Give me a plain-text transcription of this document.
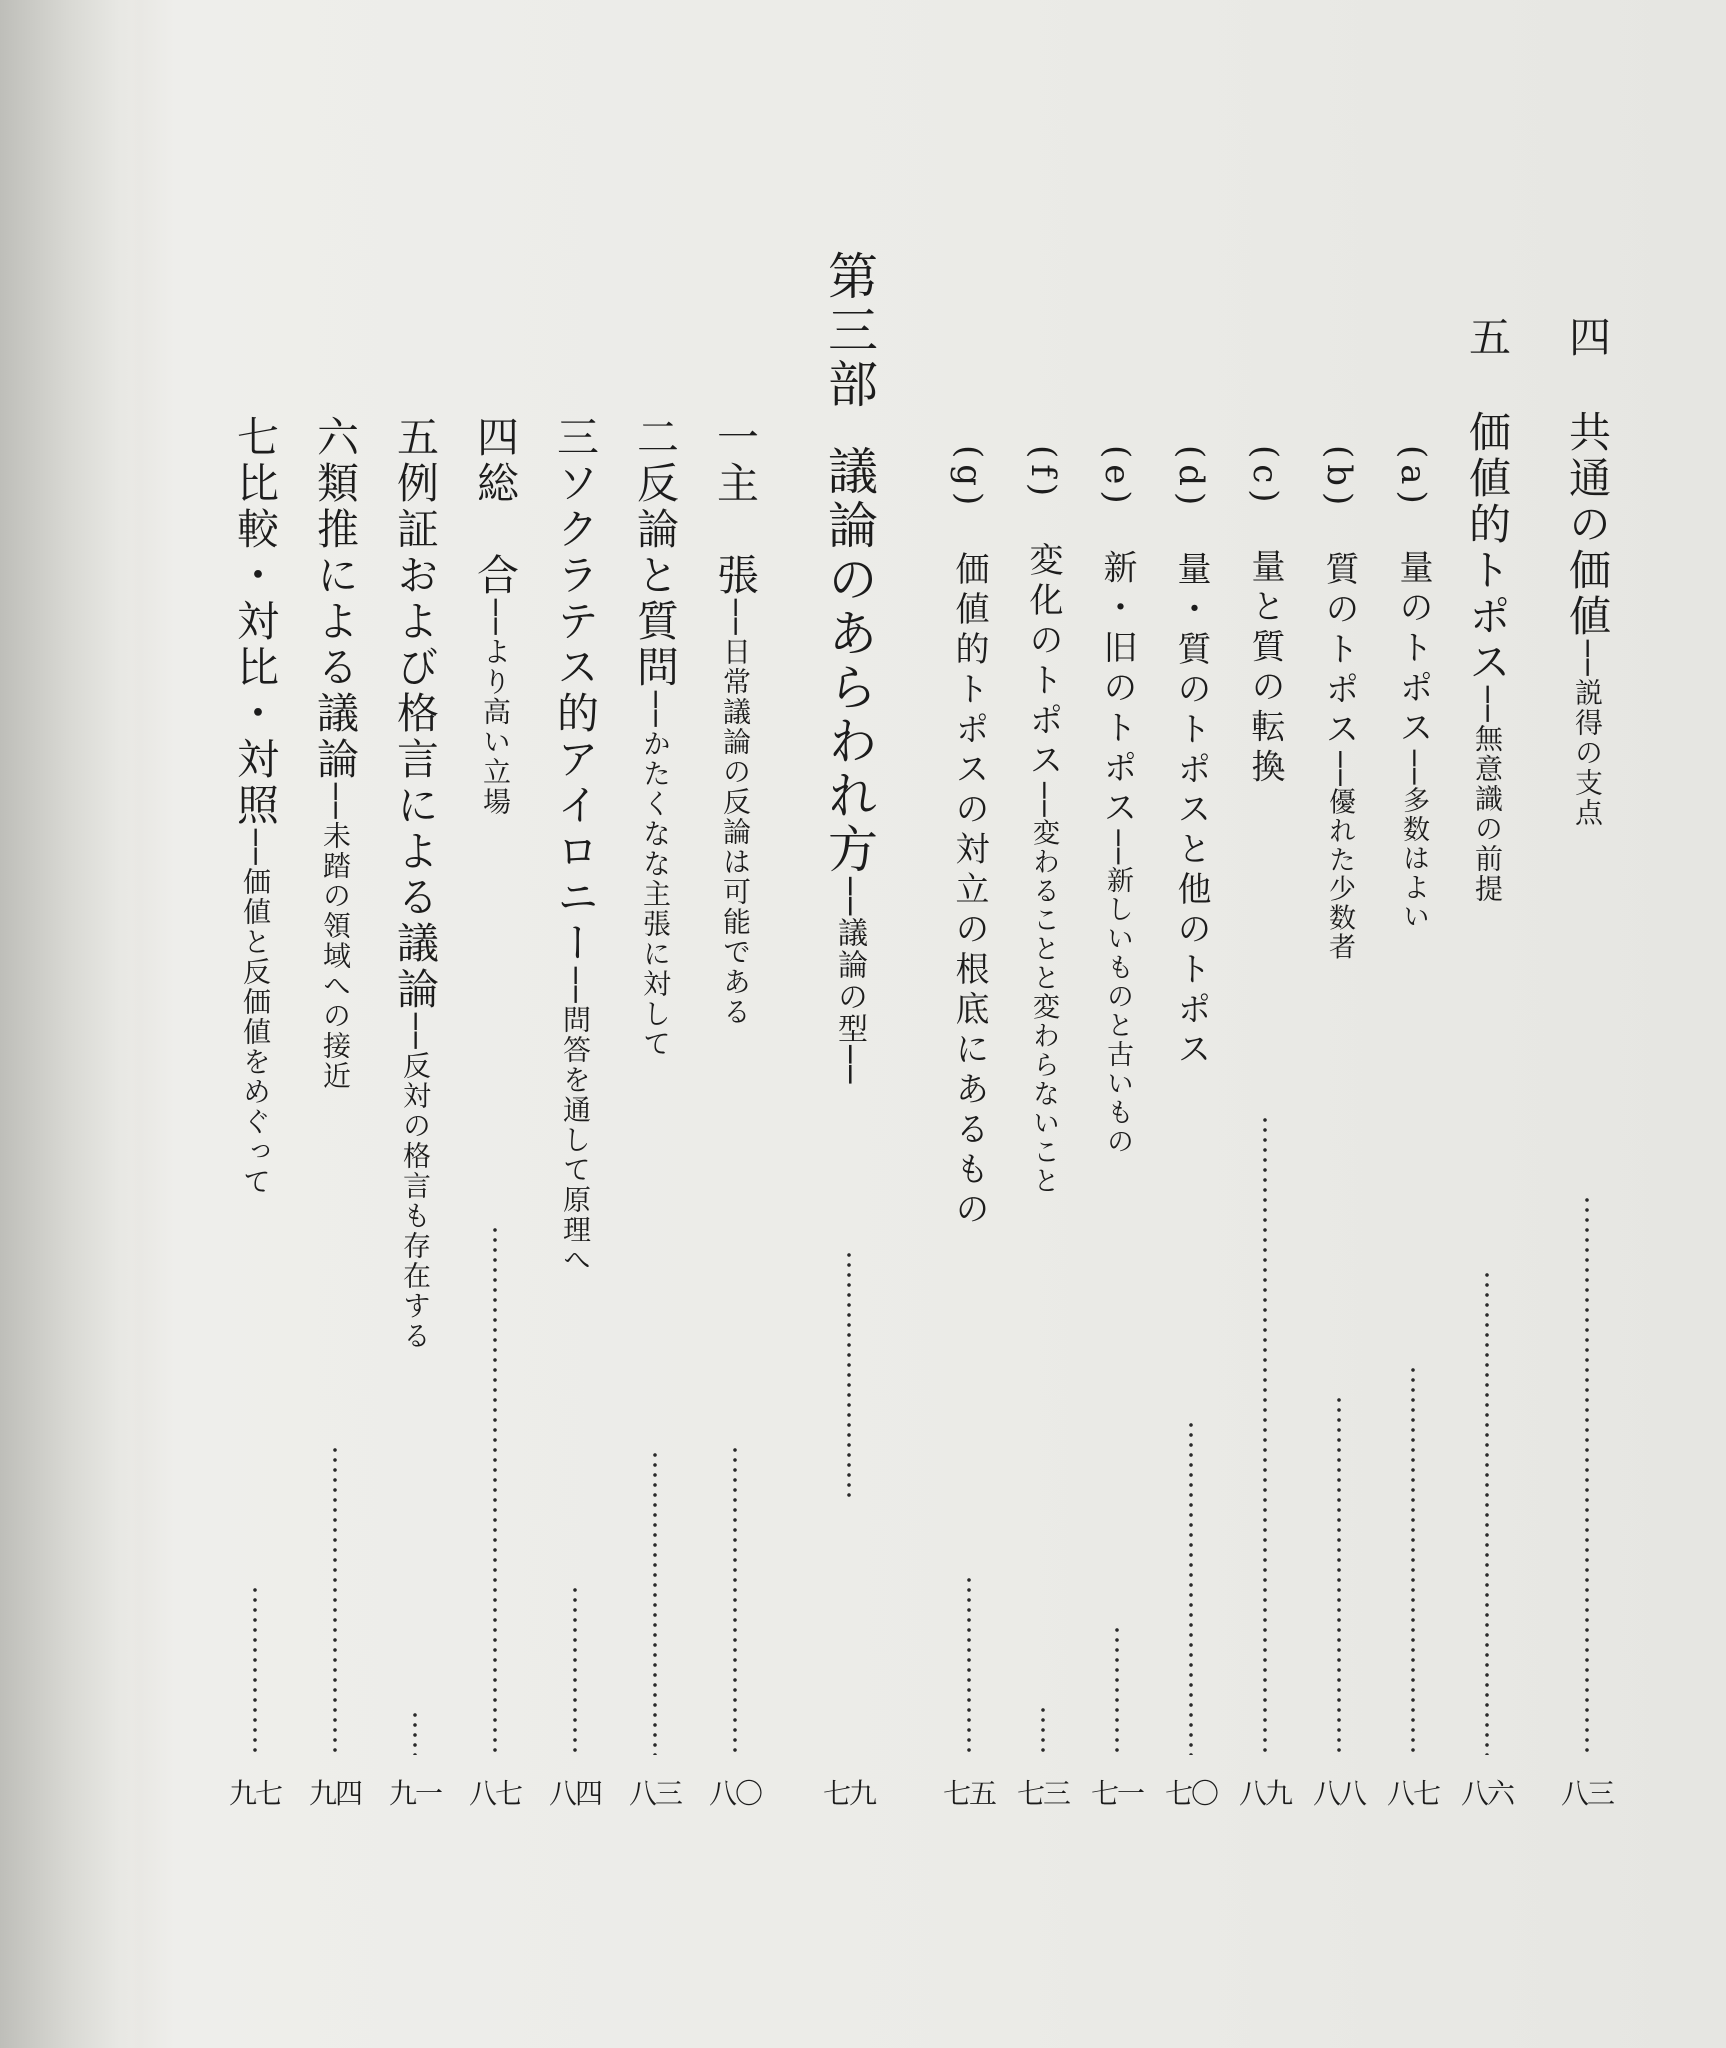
四
共通の価値──説得の支点
八三
五
価値的トポス──無意識の前提
八六
(a)　量のトポス──多数はよい
八七
(b)　質のトポス──優れた少数者
八八
(c)　量と質の転換
八九
(d)　量・質のトポスと他のトポス
七〇
(e)　新・旧のトポス──新しいものと古いもの
七一
(f)　変化のトポス──変わることと変わらないこと
七三
(g)　価値的トポスの対立の根底にあるもの
七五
第三部
議論のあらわれ方──議論の型──
七九
一
主　張──日常議論の反論は可能である
八〇
二
反論と質問──かたくなな主張に対して
八三
三
ソクラテス的アイロニー──問答を通して原理へ
八四
四
総　合──より高い立場
八七
五
例証および格言による議論──反対の格言も存在する
九一
六
類推による議論──未踏の領域への接近
九四
七
比較・対比・対照──価値と反価値をめぐって
九七
